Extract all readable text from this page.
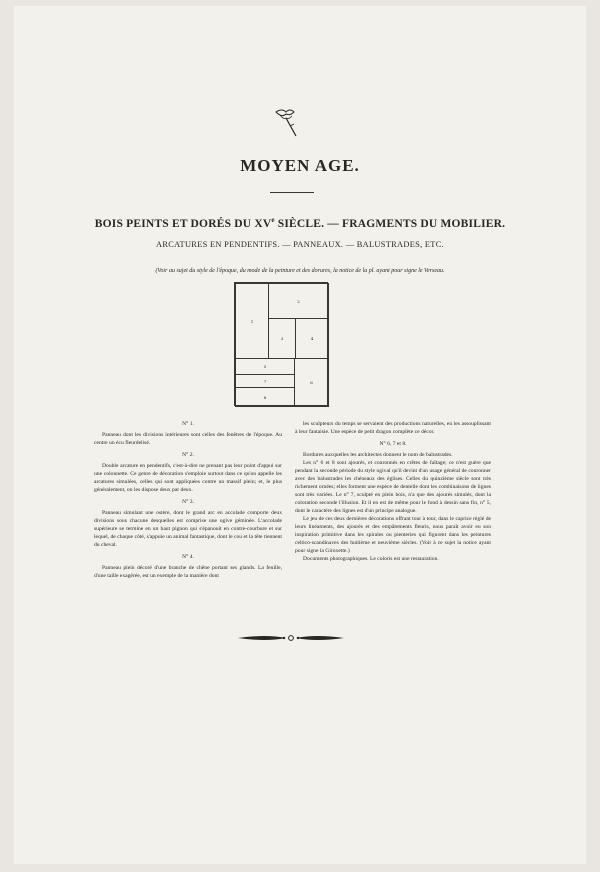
MOYEN AGE.
BOIS PEINTS ET DORÉS DU XVe SIÈCLE. — FRAGMENTS DU MOBILIER.
ARCATURES EN PENDENTIFS. — PANNEAUX. — BALUSTRADES, ETC.
(Voir au sujet du style de l'époque, du mode de la peinture et des dorures, la notice de la pl. ayant pour signe le Verseau.
1
2
3	4
5
7
8
6

N° 1.

Panneau dont les divisions intérieures sont celles des fenêtres de l'époque. Au centre un écu fleurdelisé.

N° 2.

Double arcature en pendentifs, c'est-à-dire ne prenant pas leur point d'appui sur une colonnette. Ce genre de décoration s'emploie surtout dans ce qu'on appelle les arcatures simulées, celles qui sont appliquées contre un massif plein; et, le plus généralement, on les dispose deux par deux.

N° 3.

Panneau simulant une ostère, dont le grand arc en accolade comporte deux divisions sous chacune desquelles est comprise une ogive géminée. L'accolade supérieure se termine en un haut pignon qui s'épanouit en contre-courbure et sur lequel, de chaque côté, s'appuie un animal fantastique, dont le cou et la tête tiennent du cheval.

N° 4.

Panneau plein décoré d'une branche de chêne portant ses glands. La feuille, d'une taille exagérée, est un exemple de la manière dont

les sculpteurs du temps se servaient des productions naturelles, en les assouplissant à leur fantaisie. Une espèce de petit dragon complète ce décor.

N° 6, 7 et 8.

Bordures auxquelles les architectes donnent le nom de balustrades.

Les n° 6 et 8 sont ajourés, et couronnés en crêtes de faîtage; ce n'est guère que pendant la seconde période du style ogival qu'il devint d'un usage général de couronner avec des balustrades les chéneaux des églises. Celles du quinzième siècle sont très richement ornées; elles forment une espèce de dentelle dont les combinaisons de lignes sont très variées. Le n° 7, sculpté en plein bois, n'a que des ajourés simulés, dont la coloration seconde l'illusion. Et il en est de même pour le fond à dessin sans fin, n° 5, dont le caractère des lignes est d'un principe analogue.

Le jeu de ces deux dernières décorations offrant tour à tour, dans le caprice réglé de leurs linéaments, des ajourés et des empâtements fleuris, nous paraît avoir eu son inspiration primitive dans les spirales ou pienteries qui figurent dans les peintures celtico-scandinaves des huitième et neuvième siècles. (Voir à ce sujet la notice ayant pour signe la Giroxette.)

Documents photographiques. Le coloris est une restauration.
